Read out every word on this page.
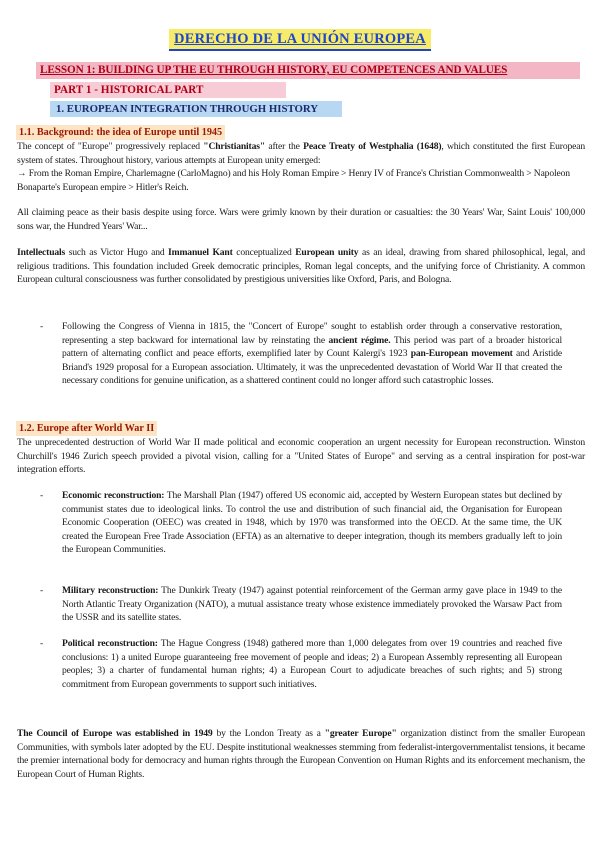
DERECHO DE LA UNIÓN EUROPEA
LESSON 1: BUILDING UP THE EU THROUGH HISTORY, EU COMPETENCES AND VALUES
PART 1 - HISTORICAL PART
1. EUROPEAN INTEGRATION THROUGH HISTORY
1.1. Background: the idea of Europe until 1945
The concept of "Europe" progressively replaced "Christianitas" after the Peace Treaty of Westphalia (1648), which constituted the first European system of states. Throughout history, various attempts at European unity emerged:
→ From the Roman Empire, Charlemagne (CarloMagno) and his Holy Roman Empire > Henry IV of France's Christian Commonwealth > Napoleon Bonaparte's European empire > Hitler's Reich.
All claiming peace as their basis despite using force. Wars were grimly known by their duration or casualties: the 30 Years' War, Saint Louis' 100,000 sons war, the Hundred Years' War...
Intellectuals such as Victor Hugo and Immanuel Kant conceptualized European unity as an ideal, drawing from shared philosophical, legal, and religious traditions. This foundation included Greek democratic principles, Roman legal concepts, and the unifying force of Christianity. A common European cultural consciousness was further consolidated by prestigious universities like Oxford, Paris, and Bologna.
- Following the Congress of Vienna in 1815, the "Concert of Europe" sought to establish order through a conservative restoration, representing a step backward for international law by reinstating the ancient régime. This period was part of a broader historical pattern of alternating conflict and peace efforts, exemplified later by Count Kalergi's 1923 pan-European movement and Aristide Briand's 1929 proposal for a European association. Ultimately, it was the unprecedented devastation of World War II that created the necessary conditions for genuine unification, as a shattered continent could no longer afford such catastrophic losses.
1.2. Europe after World War II
The unprecedented destruction of World War II made political and economic cooperation an urgent necessity for European reconstruction. Winston Churchill's 1946 Zurich speech provided a pivotal vision, calling for a "United States of Europe" and serving as a central inspiration for post-war integration efforts.
- Economic reconstruction: The Marshall Plan (1947) offered US economic aid, accepted by Western European states but declined by communist states due to ideological links. To control the use and distribution of such financial aid, the Organisation for European Economic Cooperation (OEEC) was created in 1948, which by 1970 was transformed into the OECD. At the same time, the UK created the European Free Trade Association (EFTA) as an alternative to deeper integration, though its members gradually left to join the European Communities.
- Military reconstruction: The Dunkirk Treaty (1947) against potential reinforcement of the German army gave place in 1949 to the North Atlantic Treaty Organization (NATO), a mutual assistance treaty whose existence immediately provoked the Warsaw Pact from the USSR and its satellite states.
- Political reconstruction: The Hague Congress (1948) gathered more than 1,000 delegates from over 19 countries and reached five conclusions: 1) a united Europe guaranteeing free movement of people and ideas; 2) a European Assembly representing all European peoples; 3) a charter of fundamental human rights; 4) a European Court to adjudicate breaches of such rights; and 5) strong commitment from European governments to support such initiatives.
The Council of Europe was established in 1949 by the London Treaty as a "greater Europe" organization distinct from the smaller European Communities, with symbols later adopted by the EU. Despite institutional weaknesses stemming from federalist-intergovernmentalist tensions, it became the premier international body for democracy and human rights through the European Convention on Human Rights and its enforcement mechanism, the European Court of Human Rights.
